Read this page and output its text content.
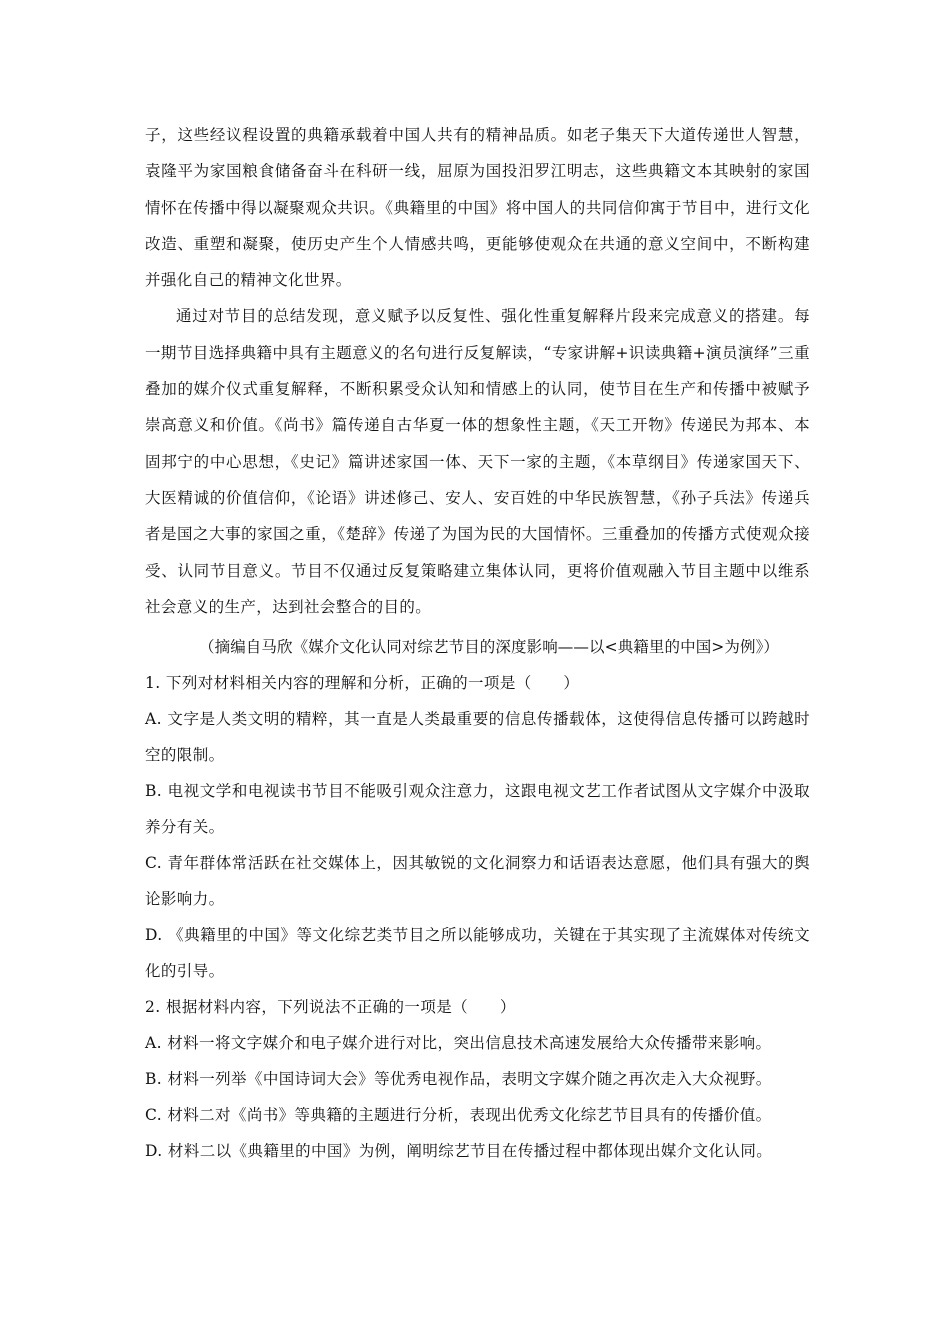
子，这些经议程设置的典籍承载着中国人共有的精神品质。如老子集天下大道传递世人智慧，袁隆平为家国粮食储备奋斗在科研一线，屈原为国投汨罗江明志，这些典籍文本其映射的家国情怀在传播中得以凝聚观众共识。《典籍里的中国》将中国人的共同信仰寓于节目中，进行文化改造、重塑和凝聚，使历史产生个人情感共鸣，更能够使观众在共通的意义空间中，不断构建并强化自己的精神文化世界。

通过对节目的总结发现，意义赋予以反复性、强化性重复解释片段来完成意义的搭建。每一期节目选择典籍中具有主题意义的名句进行反复解读，“专家讲解+识读典籍+演员演绎”三重叠加的媒介仪式重复解释，不断积累受众认知和情感上的认同，使节目在生产和传播中被赋予崇高意义和价值。《尚书》篇传递自古华夏一体的想象性主题，《天工开物》传递民为邦本、本固邦宁的中心思想，《史记》篇讲述家国一体、天下一家的主题，《本草纲目》传递家国天下、大医精诚的价值信仰，《论语》讲述修己、安人、安百姓的中华民族智慧，《孙子兵法》传递兵者是国之大事的家国之重，《楚辞》传递了为国为民的大国情怀。三重叠加的传播方式使观众接受、认同节目意义。节目不仅通过反复策略建立集体认同，更将价值观融入节目主题中以维系社会意义的生产，达到社会整合的目的。

（摘编自马欣《媒介文化认同对综艺节目的深度影响——以<典籍里的中国>为例》）

1. 下列对材料相关内容的理解和分析，正确的一项是（　　）

A. 文字是人类文明的精粹，其一直是人类最重要的信息传播载体，这使得信息传播可以跨越时空的限制。

B. 电视文学和电视读书节目不能吸引观众注意力，这跟电视文艺工作者试图从文字媒介中汲取养分有关。

C. 青年群体常活跃在社交媒体上，因其敏锐的文化洞察力和话语表达意愿，他们具有强大的舆论影响力。

D. 《典籍里的中国》等文化综艺类节目之所以能够成功，关键在于其实现了主流媒体对传统文化的引导。

2. 根据材料内容，下列说法不正确的一项是（　　）

A. 材料一将文字媒介和电子媒介进行对比，突出信息技术高速发展给大众传播带来影响。

B. 材料一列举《中国诗词大会》等优秀电视作品，表明文字媒介随之再次走入大众视野。

C. 材料二对《尚书》等典籍的主题进行分析，表现出优秀文化综艺节目具有的传播价值。

D. 材料二以《典籍里的中国》为例，阐明综艺节目在传播过程中都体现出媒介文化认同。
